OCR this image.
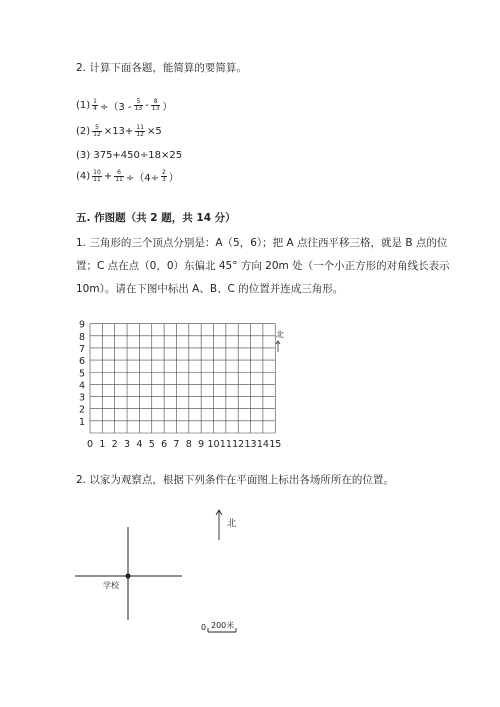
2. 计算下面各题，能简算的要简算。
$(1) \frac{1}{4} \div(3 - \frac{5}{13} - \frac{8}{13}$ ）
$(2) \frac{5}{12} \times 13+ \frac{11}{12} \times 5$
(3) 375+450÷18×25
$(4) \frac{10}{11} + \frac{6}{11} \div(4\div \frac{2}{3}$ ）
五. 作图题（共 2 题，共 14 分）
1. 三角形的三个顶点分别是：A（5，6）；把 A 点往西平移三格，就是 B 点的位
置；C 点在点（0，0）东偏北 45° 方向 20m 处（一个小正方形的对角线长表示
10m）。请在下图中标出 A、B、C 的位置并连成三角形。
0 1 2 3 4 5 6 7 8 9 10 11 12 13 14 15
1
2
3
4
5
6
7
8
9
北
学校
北
0 200米
2. 以家为观察点，根据下列条件在平面图上标出各场所所在的位置。
